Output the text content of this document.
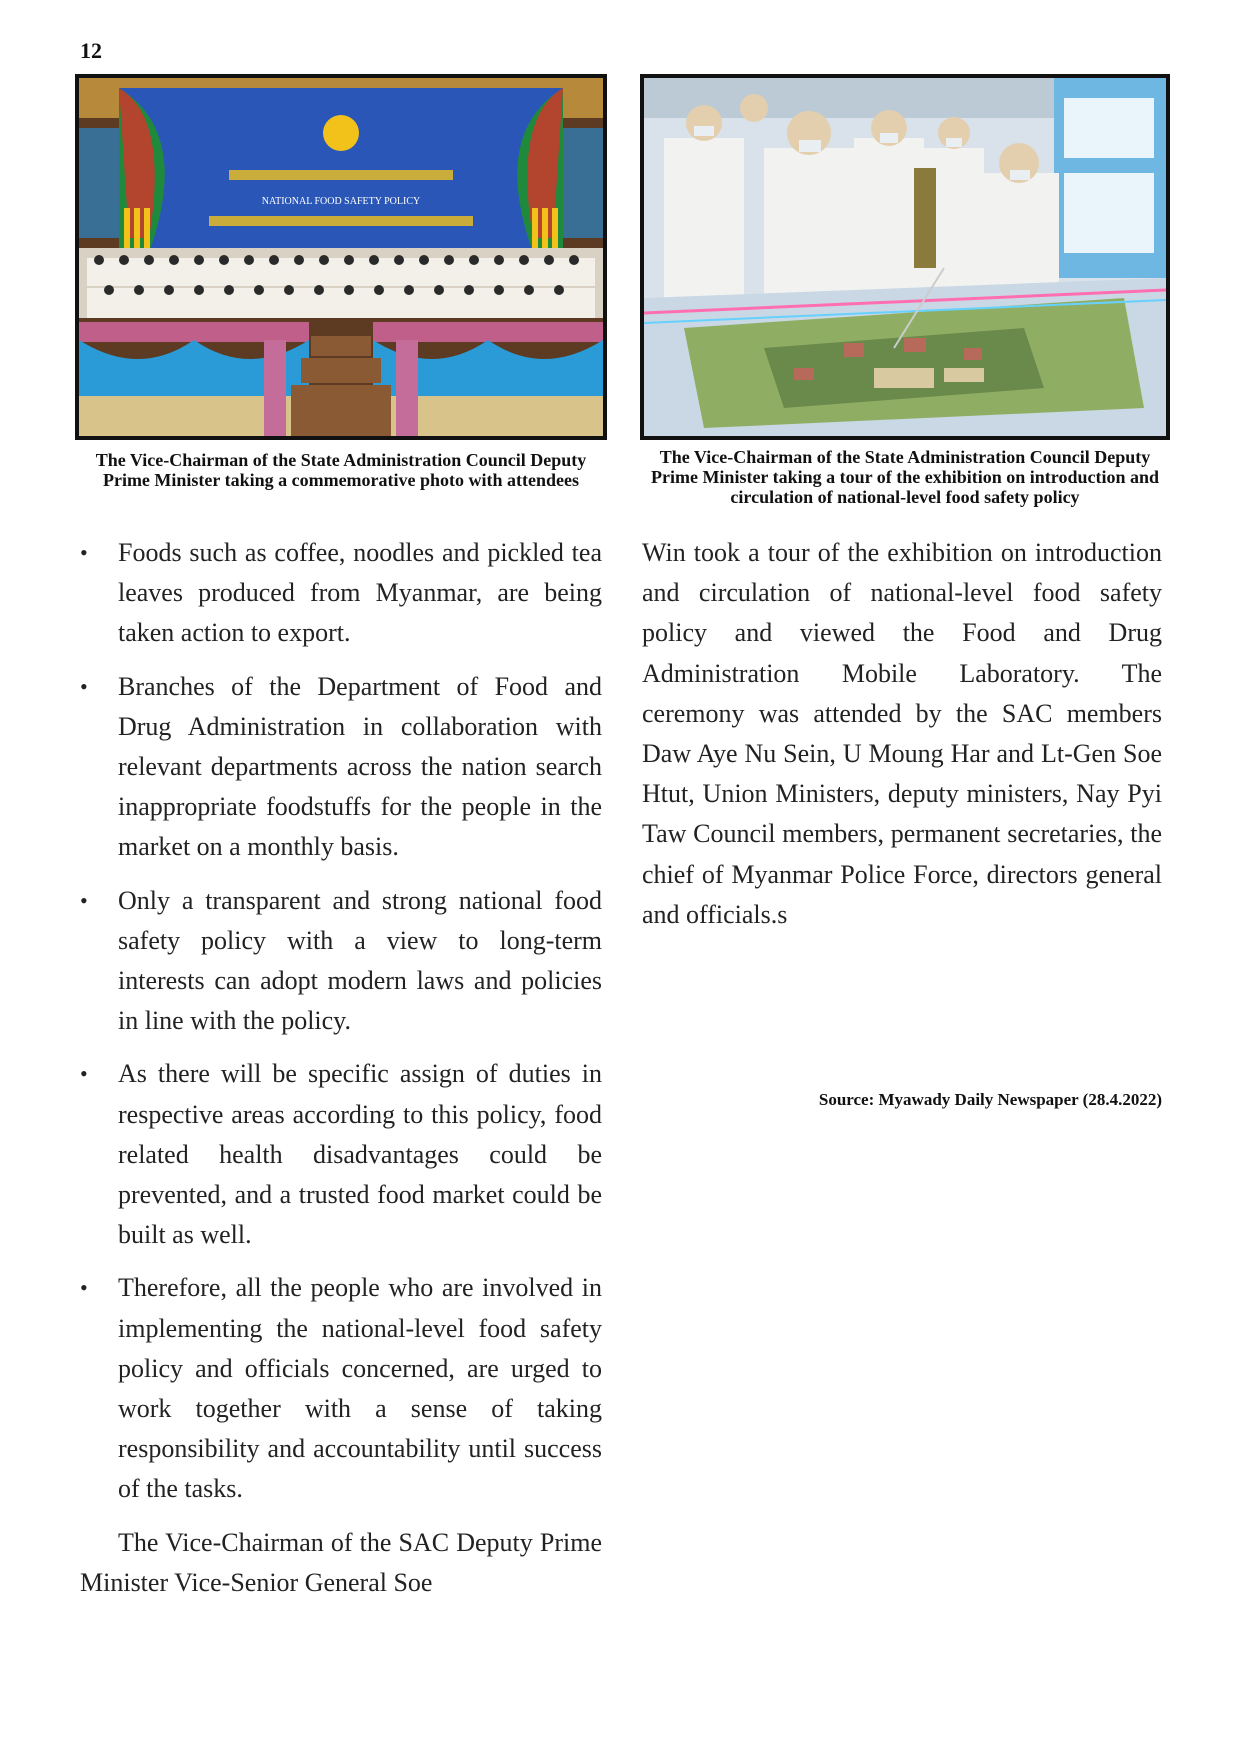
12
NATIONAL FOOD SAFETY POLICY
The Vice-Chairman of the State Administration Council Deputy Prime Minister taking a commemorative photo with attendees
The Vice-Chairman of the State Administration Council Deputy Prime Minister taking a tour of the exhibition on introduction and circulation of national-level food safety policy
• Foods such as coffee, noodles and pickled tea leaves produced from Myanmar, are being taken action to export.
• Branches of the Department of Food and Drug Administration in collaboration with relevant departments across the nation search inappropriate foodstuffs for the people in the market on a monthly basis.
• Only a transparent and strong national food safety policy with a view to long-term interests can adopt modern laws and policies in line with the policy.
• As there will be specific assign of duties in respective areas according to this policy, food related health disadvantages could be prevented, and a trusted food market could be built as well.
• Therefore, all the people who are involved in implementing the national-level food safety policy and officials concerned, are urged to work together with a sense of taking responsibility and accountability until success of the tasks.

The Vice-Chairman of the SAC Deputy Prime Minister Vice-Senior General Soe

Win took a tour of the exhibition on introduction and circulation of national-level food safety policy and viewed the Food and Drug Administration Mobile Laboratory. The ceremony was attended by the SAC members Daw Aye Nu Sein, U Moung Har and Lt-Gen Soe Htut, Union Ministers, deputy ministers, Nay Pyi Taw Council members, permanent secretaries, the chief of Myanmar Police Force, directors general and officials.s

Source: Myawady Daily Newspaper (28.4.2022)
